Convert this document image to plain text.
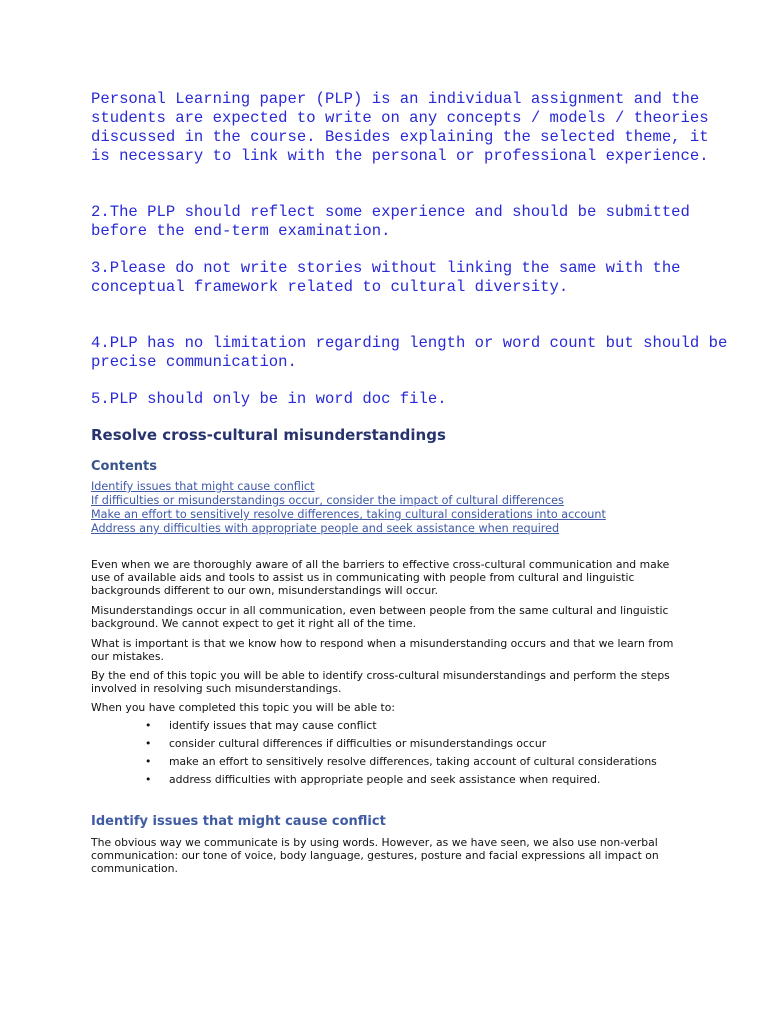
Personal Learning paper (PLP) is an individual assignment and the students are expected to write on any concepts / models / theories discussed in the course. Besides explaining the selected theme, it is necessary to link with the personal or professional experience.

2.The PLP should reflect some experience and should be submitted before the end-term examination.

3.Please do not write stories without linking the same with the conceptual framework related to cultural diversity.

4.PLP has no limitation regarding length or word count but should be precise communication.

5.PLP should only be in word doc file.

Resolve cross-cultural misunderstandings
Contents
Identify issues that might cause conflict
If difficulties or misunderstandings occur, consider the impact of cultural differences
Make an effort to sensitively resolve differences, taking cultural considerations into account
Address any difficulties with appropriate people and seek assistance when required

Even when we are thoroughly aware of all the barriers to effective cross-cultural communication and make use of available aids and tools to assist us in communicating with people from cultural and linguistic backgrounds different to our own, misunderstandings will occur.

Misunderstandings occur in all communication, even between people from the same cultural and linguistic background. We cannot expect to get it right all of the time.

What is important is that we know how to respond when a misunderstanding occurs and that we learn from our mistakes.

By the end of this topic you will be able to identify cross-cultural misunderstandings and perform the steps involved in resolving such misunderstandings.

When you have completed this topic you will be able to:

• identify issues that may cause conflict
• consider cultural differences if difficulties or misunderstandings occur
• make an effort to sensitively resolve differences, taking account of cultural considerations
• address difficulties with appropriate people and seek assistance when required.
Identify issues that might cause conflict

The obvious way we communicate is by using words. However, as we have seen, we also use non-verbal communication: our tone of voice, body language, gestures, posture and facial expressions all impact on communication.
